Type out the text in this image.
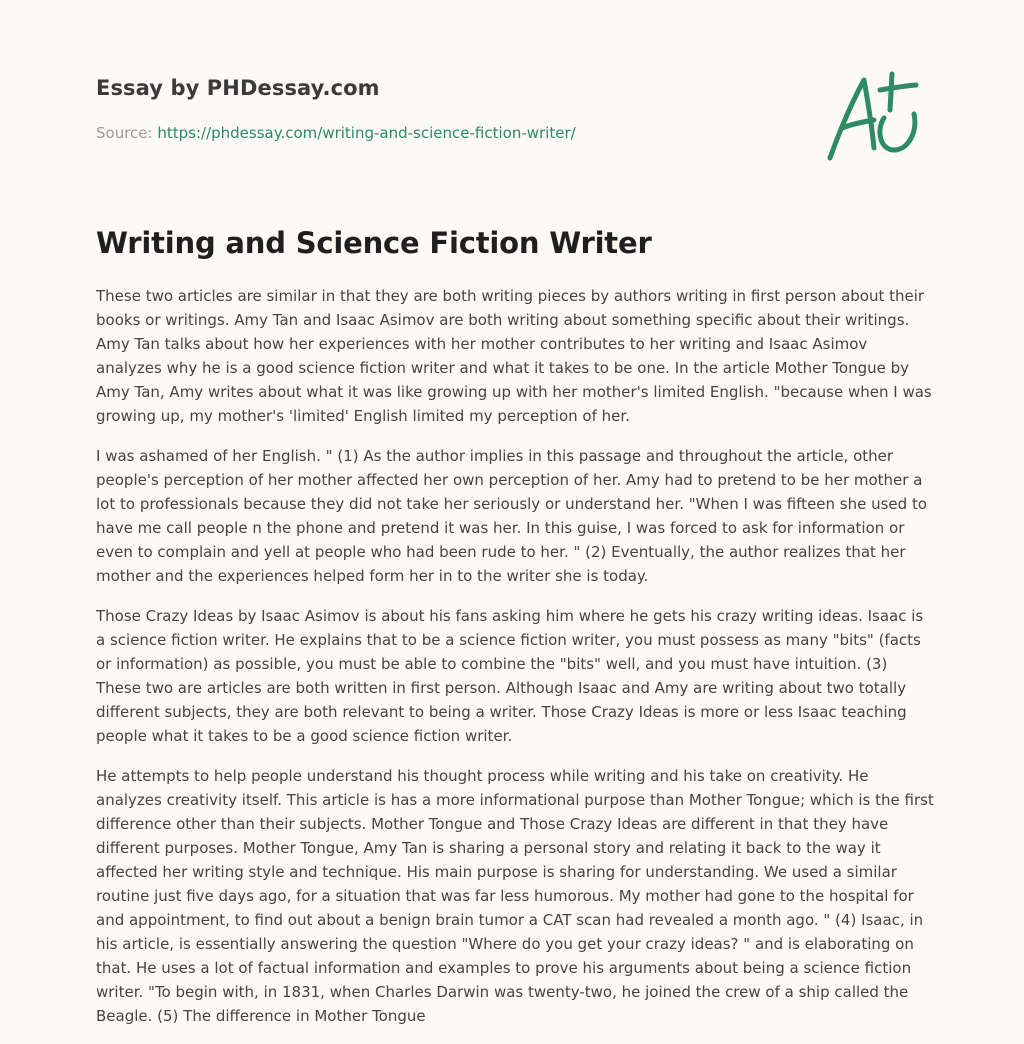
Essay by PHDessay.com
Source: https://phdessay.com/writing-and-science-fiction-writer/
Writing and Science Fiction Writer

These two articles are similar in that they are both writing pieces by authors writing in first person about their books or writings. Amy Tan and Isaac Asimov are both writing about something specific about their writings. Amy Tan talks about how her experiences with her mother contributes to her writing and Isaac Asimov analyzes why he is a good science fiction writer and what it takes to be one. In the article Mother Tongue by Amy Tan, Amy writes about what it was like growing up with her mother's limited English. "because when I was growing up, my mother's 'limited' English limited my perception of her.

I was ashamed of her English. " (1) As the author implies in this passage and throughout the article, other people's perception of her mother affected her own perception of her. Amy had to pretend to be her mother a lot to professionals because they did not take her seriously or understand her. "When I was fifteen she used to have me call people n the phone and pretend it was her. In this guise, I was forced to ask for information or even to complain and yell at people who had been rude to her. " (2) Eventually, the author realizes that her mother and the experiences helped form her in to the writer she is today.

Those Crazy Ideas by Isaac Asimov is about his fans asking him where he gets his crazy writing ideas. Isaac is a science fiction writer. He explains that to be a science fiction writer, you must possess as many "bits" (facts or information) as possible, you must be able to combine the "bits" well, and you must have intuition. (3) These two are articles are both written in first person. Although Isaac and Amy are writing about two totally different subjects, they are both relevant to being a writer. Those Crazy Ideas is more or less Isaac teaching people what it takes to be a good science fiction writer.

He attempts to help people understand his thought process while writing and his take on creativity. He analyzes creativity itself. This article is has a more informational purpose than Mother Tongue; which is the first difference other than their subjects. Mother Tongue and Those Crazy Ideas are different in that they have different purposes. Mother Tongue, Amy Tan is sharing a personal story and relating it back to the way it affected her writing style and technique. His main purpose is sharing for understanding. We used a similar routine just five days ago, for a situation that was far less humorous. My mother had gone to the hospital for and appointment, to find out about a benign brain tumor a CAT scan had revealed a month ago. " (4) Isaac, in his article, is essentially answering the question "Where do you get your crazy ideas? " and is elaborating on that. He uses a lot of factual information and examples to prove his arguments about being a science fiction writer. "To begin with, in 1831, when Charles Darwin was twenty-two, he joined the crew of a ship called the Beagle. (5) The difference in Mother Tongue
